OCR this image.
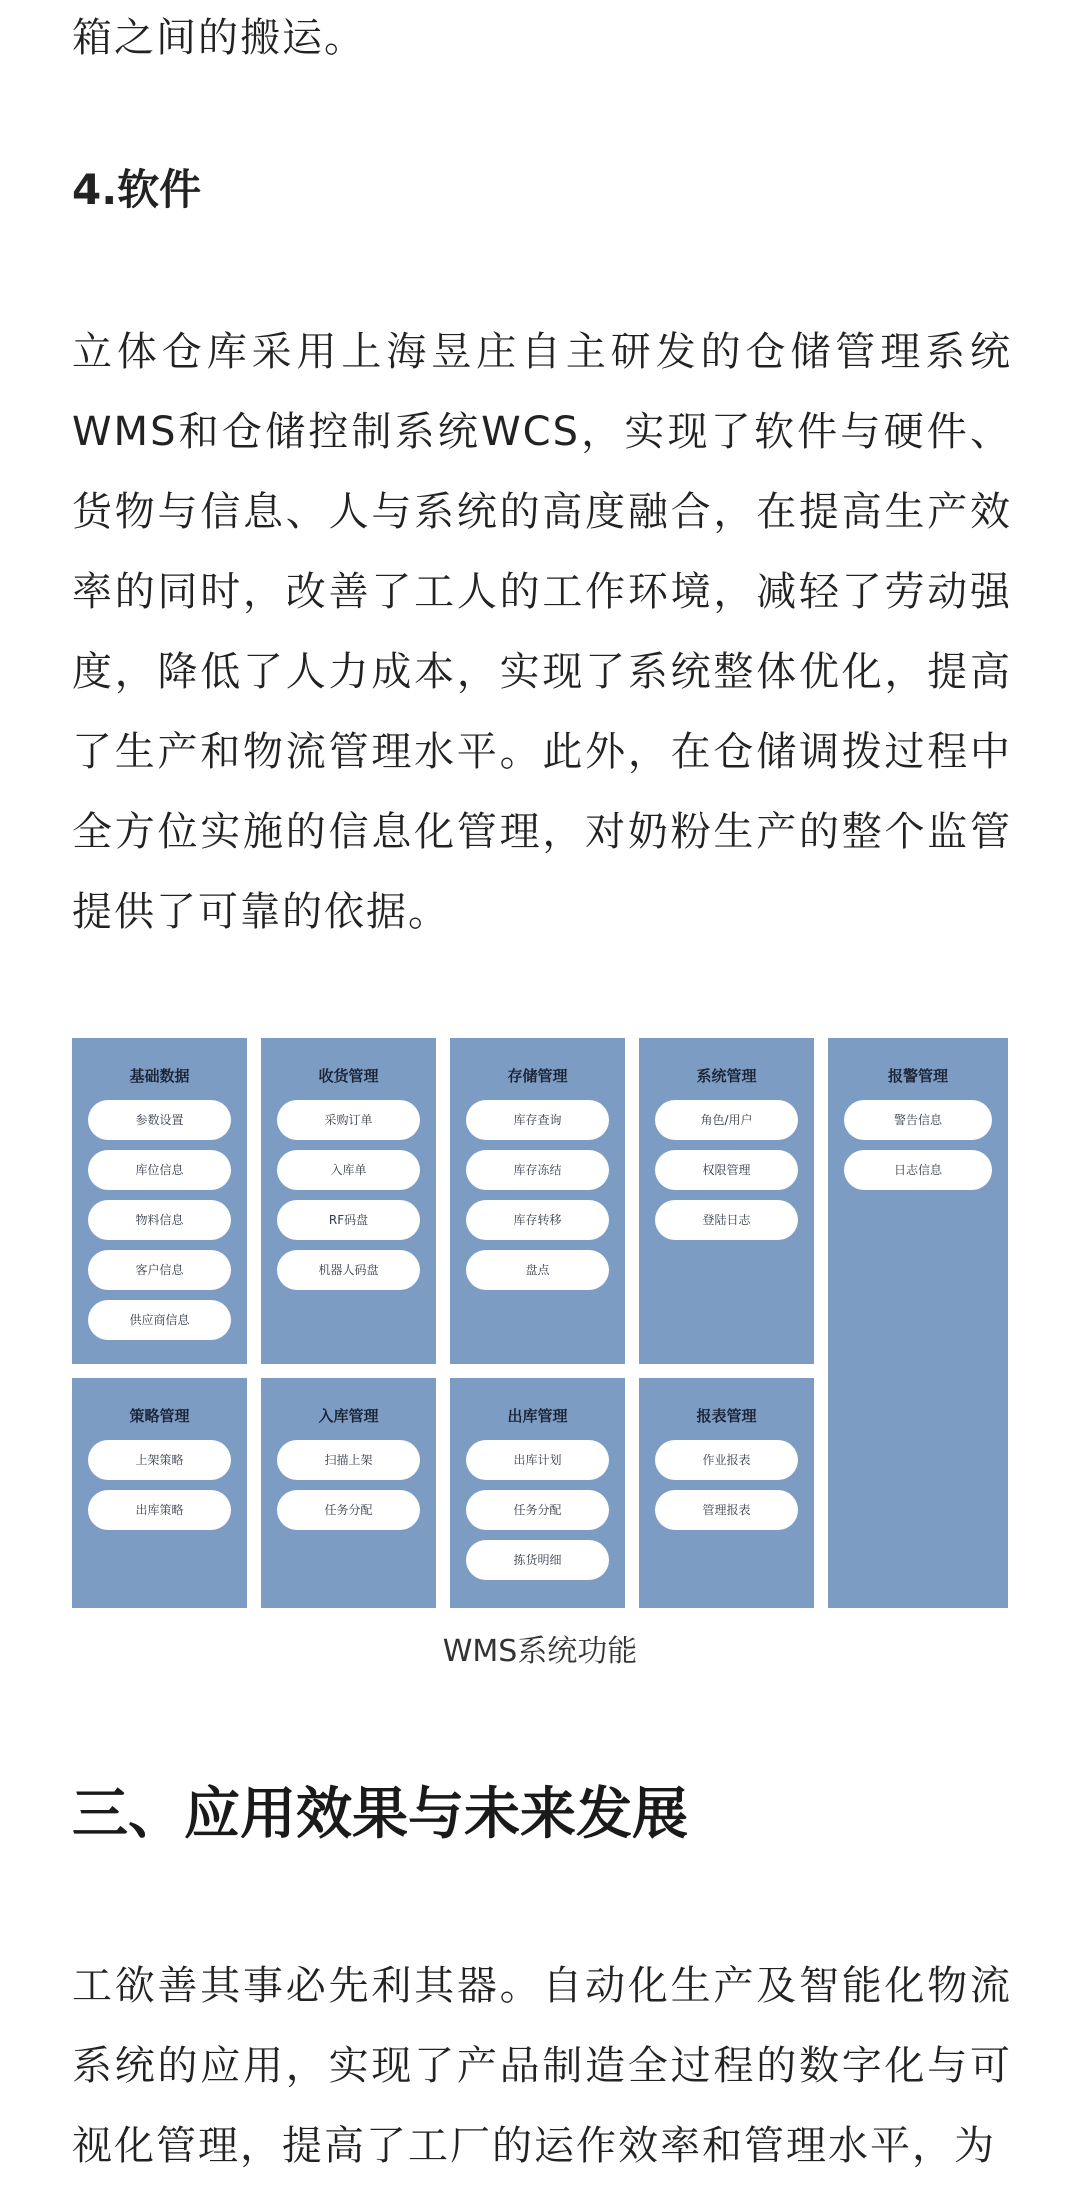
箱之间的搬运。

4.软件

立体仓库采用上海昱庄自主研发的仓储管理系统WMS和仓储控制系统WCS，实现了软件与硬件、货物与信息、人与系统的高度融合，在提高生产效率的同时，改善了工人的工作环境，减轻了劳动强度，降低了人力成本，实现了系统整体优化，提高了生产和物流管理水平。此外，在仓储调拨过程中全方位实施的信息化管理，对奶粉生产的整个监管提供了可靠的依据。

基础数据
参数设置
库位信息
物料信息
客户信息
供应商信息
收货管理
采购订单
入库单
RF码盘
机器人码盘
存储管理
库存查询
库存冻结
库存转移
盘点
系统管理
角色/用户
权限管理
登陆日志
报警管理
警告信息
日志信息
策略管理
上架策略
出库策略
入库管理
扫描上架
任务分配
出库管理
出库计划
任务分配
拣货明细
报表管理
作业报表
管理报表

WMS系统功能

三、应用效果与未来发展

工欲善其事必先利其器。自动化生产及智能化物流系统的应用，实现了产品制造全过程的数字化与可视化管理，提高了工厂的运作效率和管理水平，为
